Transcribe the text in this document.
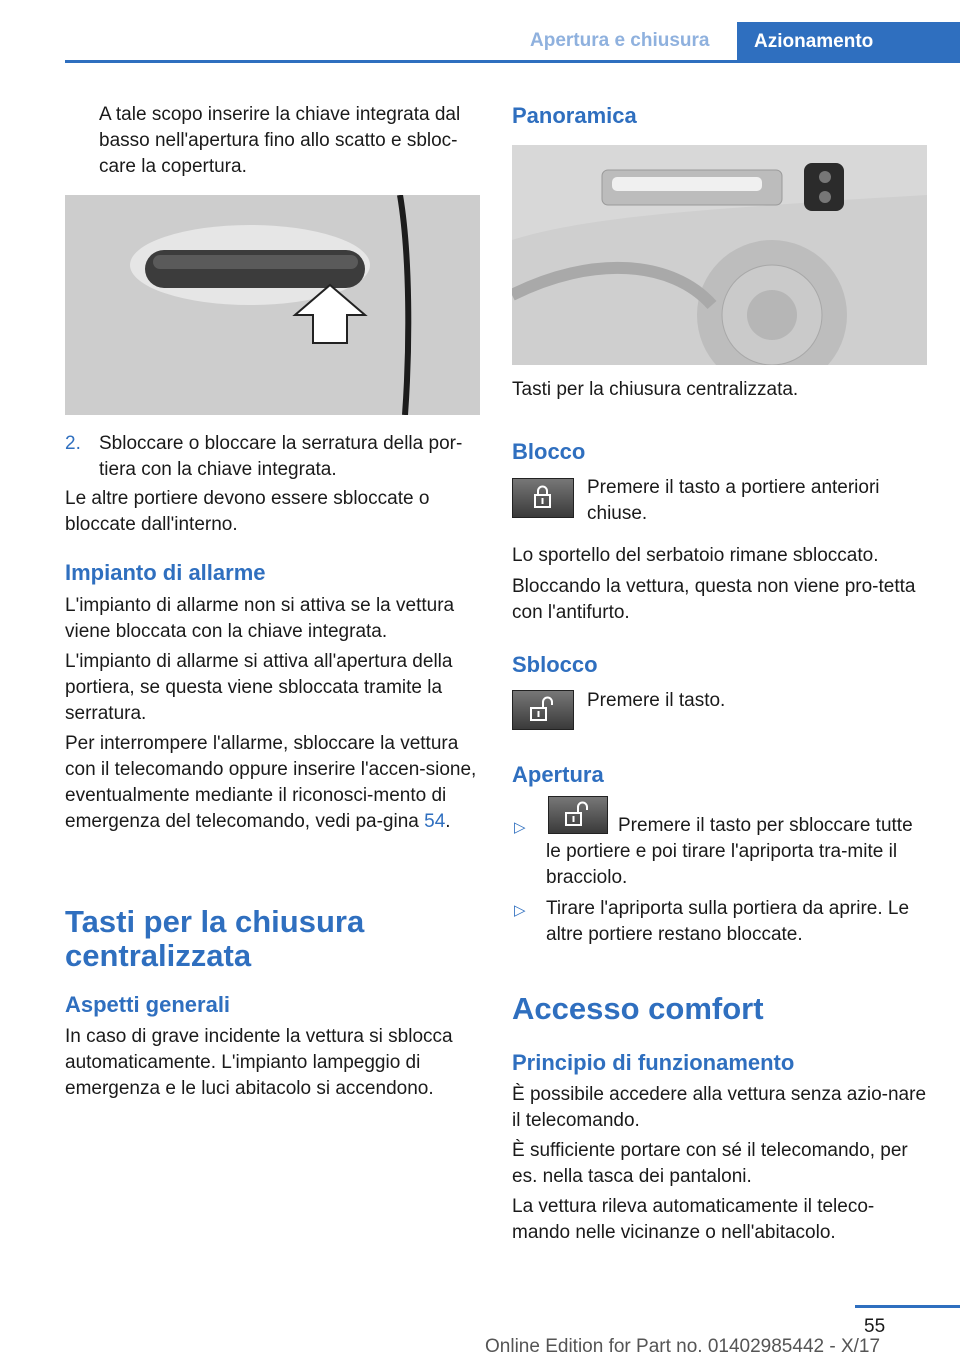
Apertura e chiusura	Azionamento

A tale scopo inserire la chiave integrata dal basso nell'apertura fino allo scatto e sbloc-care la copertura.

2. Sbloccare o bloccare la serratura della por-tiera con la chiave integrata.

Le altre portiere devono essere sbloccate o bloccate dall'interno.

Impianto di allarme

L'impianto di allarme non si attiva se la vettura viene bloccata con la chiave integrata.

L'impianto di allarme si attiva all'apertura della portiera, se questa viene sbloccata tramite la serratura.

Per interrompere l'allarme, sbloccare la vettura con il telecomando oppure inserire l'accen-sione, eventualmente mediante il riconosci-mento di emergenza del telecomando, vedi pa-gina 54.

Tasti per la chiusura
centralizzata
Aspetti generali

In caso di grave incidente la vettura si sblocca automaticamente. L'impianto lampeggio di emergenza e le luci abitacolo si accendono.

Panoramica

Tasti per la chiusura centralizzata.

Blocco

Premere il tasto a portiere anteriori chiuse.

Lo sportello del serbatoio rimane sbloccato.

Bloccando la vettura, questa non viene pro-tetta con l'antifurto.

Sblocco

Premere il tasto.

Apertura
▷	Premere il tasto per sbloccare tutte le portiere e poi tirare l'apriporta tra-mite il bracciolo.

▷ Tirare l'apriporta sulla portiera da aprire. Le altre portiere restano bloccate.

Accesso comfort
Principio di funzionamento

È possibile accedere alla vettura senza azio-nare il telecomando.

È sufficiente portare con sé il telecomando, per es. nella tasca dei pantaloni.

La vettura rileva automaticamente il teleco-mando nelle vicinanze o nell'abitacolo.

55
Online Edition for Part no. 01402985442 - X/17
